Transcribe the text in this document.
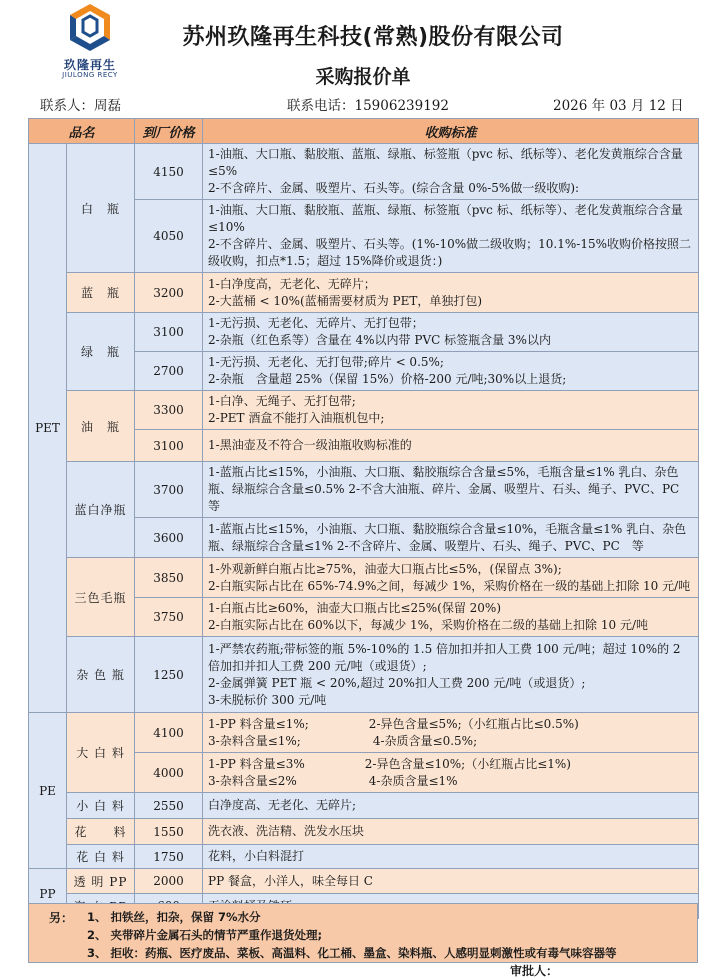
玖隆再生
JIULONG RECY
苏州玖隆再生科技(常熟)股份有限公司
采购报价单
联系人：周磊	联系电话：15906239192	2026 年 03 月 12 日
品名		到厂价格	收购标准
PET	白　瓶	4150	1-油瓶、大口瓶、黏胶瓶、蓝瓶、绿瓶、标签瓶（pvc 标、纸标等）、老化发黄瓶综合含量≤5%
2-不含碎片、金属、吸塑片、石头等。(综合含量 0%-5%做一级收购):

		4050	1-油瓶、大口瓶、黏胶瓶、蓝瓶、绿瓶、标签瓶（pvc 标、纸标等）、老化发黄瓶综合含量≤10%
2-不含碎片、金属、吸塑片、石头等。(1%-10%做二级收购；10.1%-15%收购价格按照二级收购，扣点*1.5；超过 15%降价或退货：)

	蓝　瓶	3200	1-白净度高，无老化、无碎片；
2-大蓝桶 < 10%(蓝桶需要材质为 PET，单独打包)

	绿　瓶	3100	1-无污损、无老化、无碎片、无打包带；
2-杂瓶（红色系等）含量在 4%以内带 PVC 标签瓶含量 3%以内

		2700	1-无污损、无老化、无打包带;碎片 < 0.5%;
2-杂瓶　含量超 25%（保留 15%）价格-200 元/吨;30%以上退货;

	油　瓶	3300	1-白净、无绳子、无打包带;
2-PET 酒盒不能打入油瓶机包中;

		3100	1-黑油壶及不符合一级油瓶收购标准的

	蓝白净瓶	3700	1-蓝瓶占比≤15%，小油瓶、大口瓶、黏胶瓶综合含量≤5%，毛瓶含量≤1% 乳白、杂色瓶、绿瓶综合含量≤0.5% 2-不含大油瓶、碎片、金属、吸塑片、石头、绳子、PVC、PC　等

		3600	1-蓝瓶占比≤15%，小油瓶、大口瓶、黏胶瓶综合含量≤10%，毛瓶含量≤1% 乳白、杂色瓶、绿瓶综合含量≤1% 2-不含碎片、金属、吸塑片、石头、绳子、PVC、PC　等

	三色毛瓶	3850	1-外观新鲜白瓶占比≥75%，油壶大口瓶占比≤5%，(保留点 3%);
2-白瓶实际占比在 65%-74.9%之间，每减少 1%，采购价格在一级的基础上扣除 10 元/吨

		3750	1-白瓶占比≥60%，油壶大口瓶占比≤25%(保留 20%)
2-白瓶实际占比在 60%以下，每减少 1%，采购价格在二级的基础上扣除 10 元/吨

	杂 色 瓶	1250	1-严禁农药瓶;带标签的瓶 5%-10%的 1.5 倍加扣并扣人工费 100 元/吨；超过 10%的 2 倍加扣并扣人工费 200 元/吨（或退货）;
2-金属弹簧 PET 瓶 < 20%,超过 20%扣人工费 200 元/吨（或退货）;
3-未脱标价 300 元/吨

PE	大 白 料	4100	1-PP 料含量≤1%;　　　　　2-异色含量≤5%;（小红瓶占比≤0.5%)
3-杂料含量≤1%;　　　　　　4-杂质含量≤0.5%;

		4000	1-PP 料含量≤3%　　　　　2-异色含量≤10%;（小红瓶占比≤1%)
3-杂料含量≤2%　　　　　　4-杂质含量≤1%

	小 白 料	2550	白净度高、无老化、无碎片;

	花　　料	1550	洗衣液、洗洁精、洗发水压块

	花 白 料	1750	花料，小白料混打

PP	透 明 PP	2000	PP 餐盒，小洋人，味全每日 C

另： 1、 扣铁丝，扣杂，保留 7%水分
2、 夹带碎片金属石头的情节严重作退货处理;
3、 拒收：药瓶、医疗废品、菜板、高温料、化工桶、墨盒、染料瓶、人感明显刺激性或有毒气味容器等
审批人：
